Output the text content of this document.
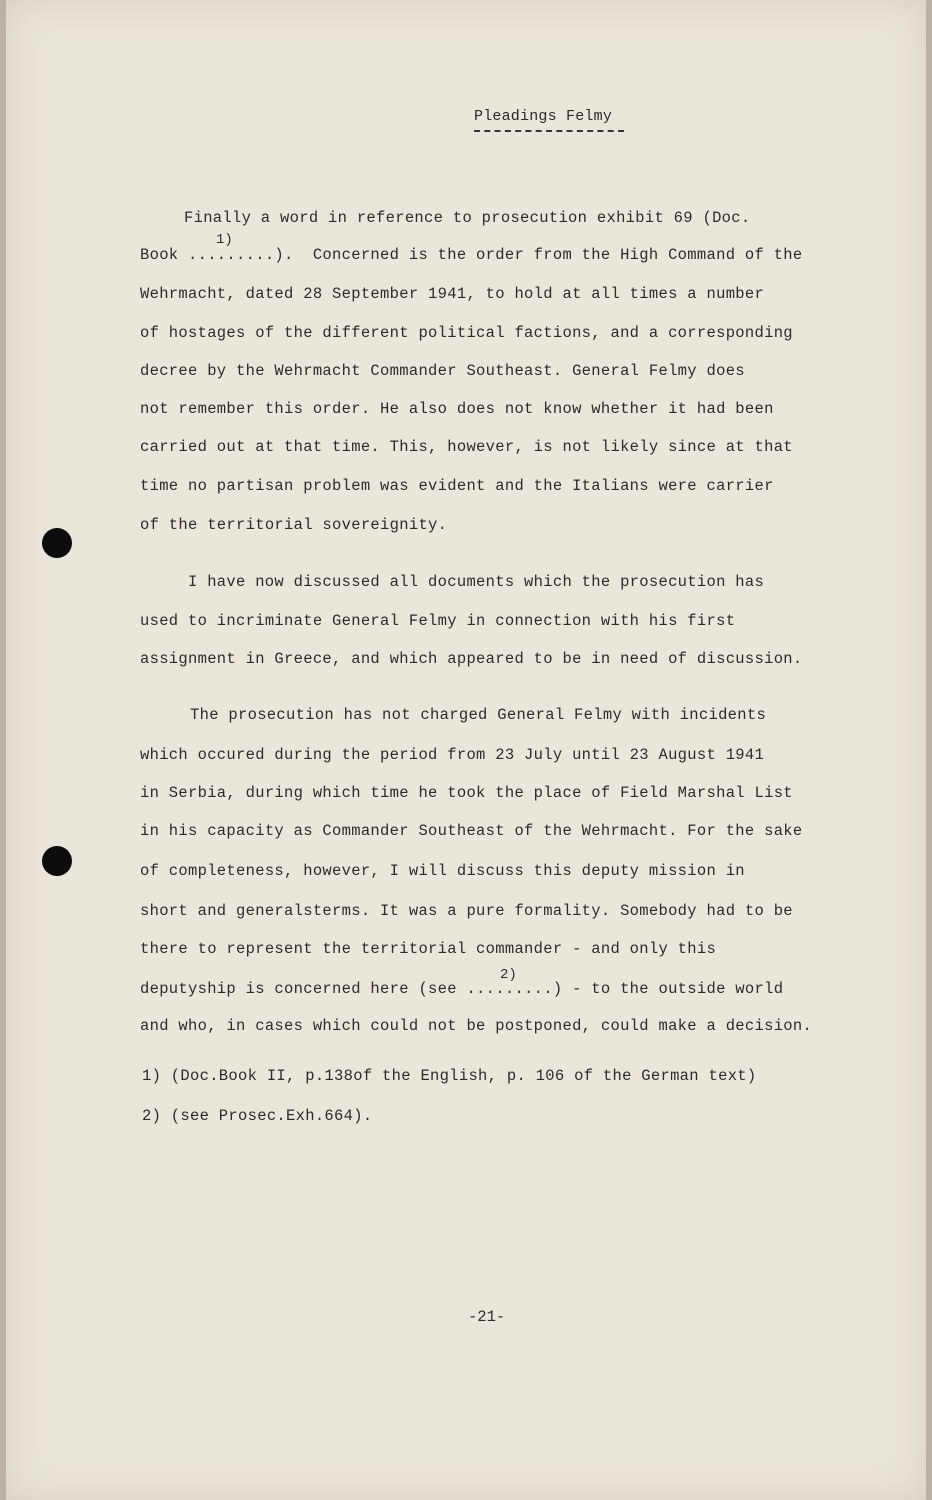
Pleadings Felmy
1)
2)
Finally a word in reference to prosecution exhibit 69 (Doc.
Book .........).  Concerned is the order from the High Command of the
Wehrmacht, dated 28 September 1941, to hold at all times a number
of hostages of the different political factions, and a corresponding
decree by the Wehrmacht Commander Southeast. General Felmy does
not remember this order. He also does not know whether it had been
carried out at that time. This, however, is not likely since at that
time no partisan problem was evident and the Italians were carrier
of the territorial sovereignity.
I have now discussed all documents which the prosecution has
used to incriminate General Felmy in connection with his first
assignment in Greece, and which appeared to be in need of discussion.
The prosecution has not charged General Felmy with incidents
which occured during the period from 23 July until 23 August 1941
in Serbia, during which time he took the place of Field Marshal List
in his capacity as Commander Southeast of the Wehrmacht. For the sake
of completeness, however, I will discuss this deputy mission in
short and generalsterms. It was a pure formality. Somebody had to be
there to represent the territorial commander - and only this
deputyship is concerned here (see .........) - to the outside world
and who, in cases which could not be postponed, could make a decision.
1) (Doc.Book II, p.138of the English, p. 106 of the German text)
2) (see Prosec.Exh.664).
-21-
